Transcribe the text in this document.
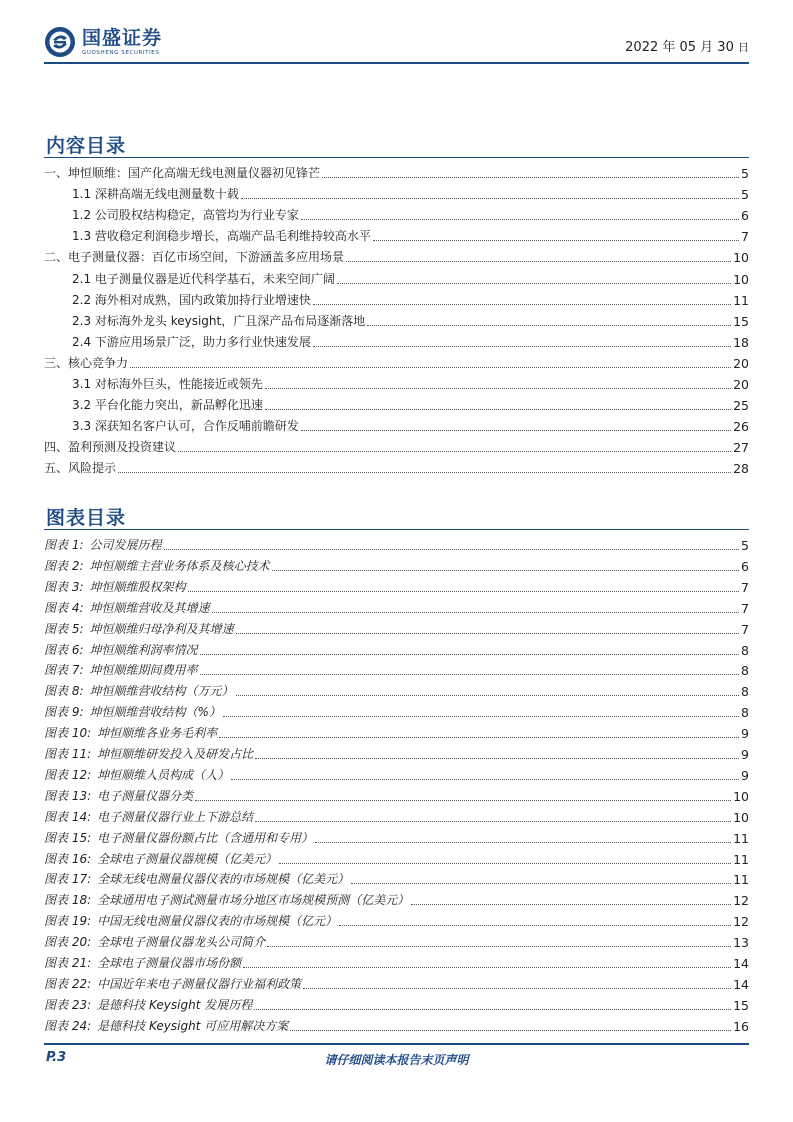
国盛证券
GUOSHENG SECURITIES	2022 年 05 月 30 日
内容目录
一、坤恒顺维：国产化高端无线电测量仪器初见锋芒	5
1.1 深耕高端无线电测量数十载	5
1.2 公司股权结构稳定，高管均为行业专家	6
1.3 营收稳定利润稳步增长，高端产品毛利维持较高水平	7
二、电子测量仪器：百亿市场空间，下游涵盖多应用场景	10
2.1 电子测量仪器是近代科学基石，未来空间广阔	10
2.2 海外相对成熟，国内政策加持行业增速快	11
2.3 对标海外龙头 keysight，广且深产品布局逐渐落地	15
2.4 下游应用场景广泛，助力多行业快速发展	18
三、核心竞争力	20
3.1 对标海外巨头，性能接近或领先	20
3.2 平台化能力突出，新品孵化迅速	25
3.3 深获知名客户认可，合作反哺前瞻研发	26
四、盈利预测及投资建议	27
五、风险提示	28
图表目录
图表 1: 公司发展历程	5
图表 2: 坤恒顺维主营业务体系及核心技术	6
图表 3: 坤恒顺维股权架构	7
图表 4: 坤恒顺维营收及其增速	7
图表 5: 坤恒顺维归母净利及其增速	7
图表 6: 坤恒顺维利润率情况	8
图表 7: 坤恒顺维期间费用率	8
图表 8: 坤恒顺维营收结构（万元）	8
图表 9: 坤恒顺维营收结构（%）	8
图表 10: 坤恒顺维各业务毛利率	9
图表 11: 坤恒顺维研发投入及研发占比	9
图表 12: 坤恒顺维人员构成（人）	9
图表 13: 电子测量仪器分类	10
图表 14: 电子测量仪器行业上下游总结	10
图表 15: 电子测量仪器份额占比（含通用和专用）	11
图表 16: 全球电子测量仪器规模（亿美元）	11
图表 17: 全球无线电测量仪器仪表的市场规模（亿美元）	11
图表 18: 全球通用电子测试测量市场分地区市场规模预测（亿美元）	12
图表 19: 中国无线电测量仪器仪表的市场规模（亿元）	12
图表 20: 全球电子测量仪器龙头公司简介	13
图表 21: 全球电子测量仪器市场份额	14
图表 22: 中国近年来电子测量仪器行业福利政策	14
图表 23: 是德科技 Keysight 发展历程	15
图表 24: 是德科技 Keysight 可应用解决方案	16
P.3	请仔细阅读本报告末页声明
